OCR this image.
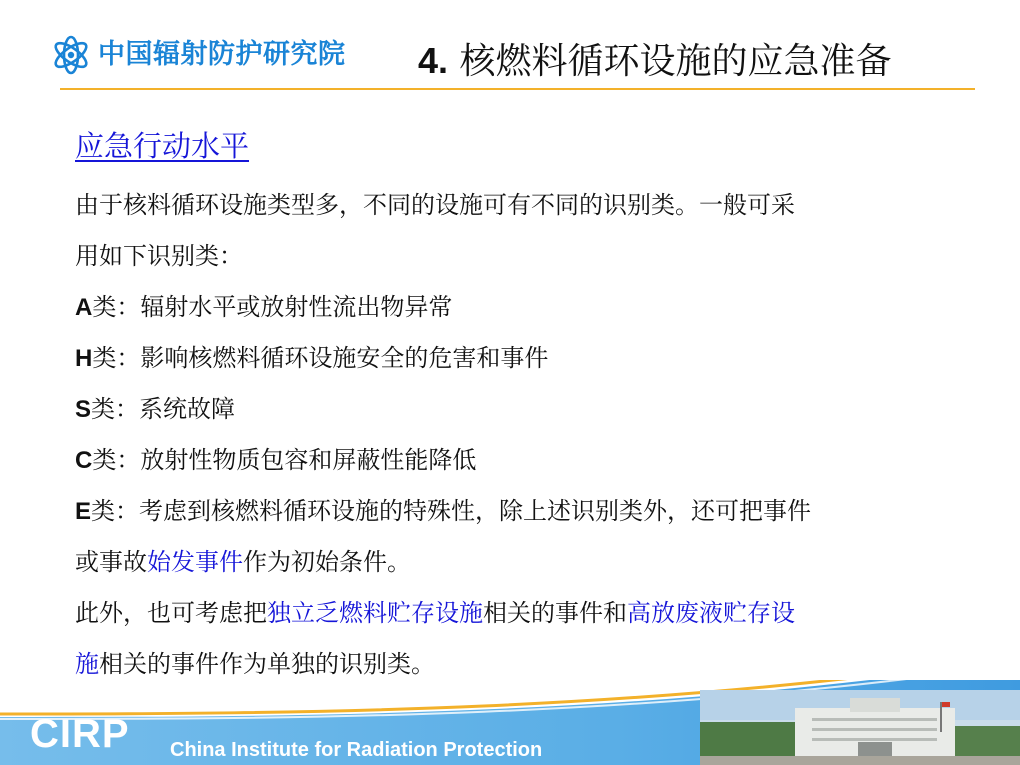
中国辐射防护研究院 4. 核燃料循环设施的应急准备
应急行动水平

由于核料循环设施类型多，不同的设施可有不同的识别类。一般可采

用如下识别类：

A类：辐射水平或放射性流出物异常

H类：影响核燃料循环设施安全的危害和事件

S类：系统故障

C类：放射性物质包容和屏蔽性能降低

E类：考虑到核燃料循环设施的特殊性，除上述识别类外，还可把事件

或事故始发事件作为初始条件。

此外，也可考虑把独立乏燃料贮存设施相关的事件和高放废液贮存设

施相关的事件作为单独的识别类。

CIRP China Institute for Radiation Protection
